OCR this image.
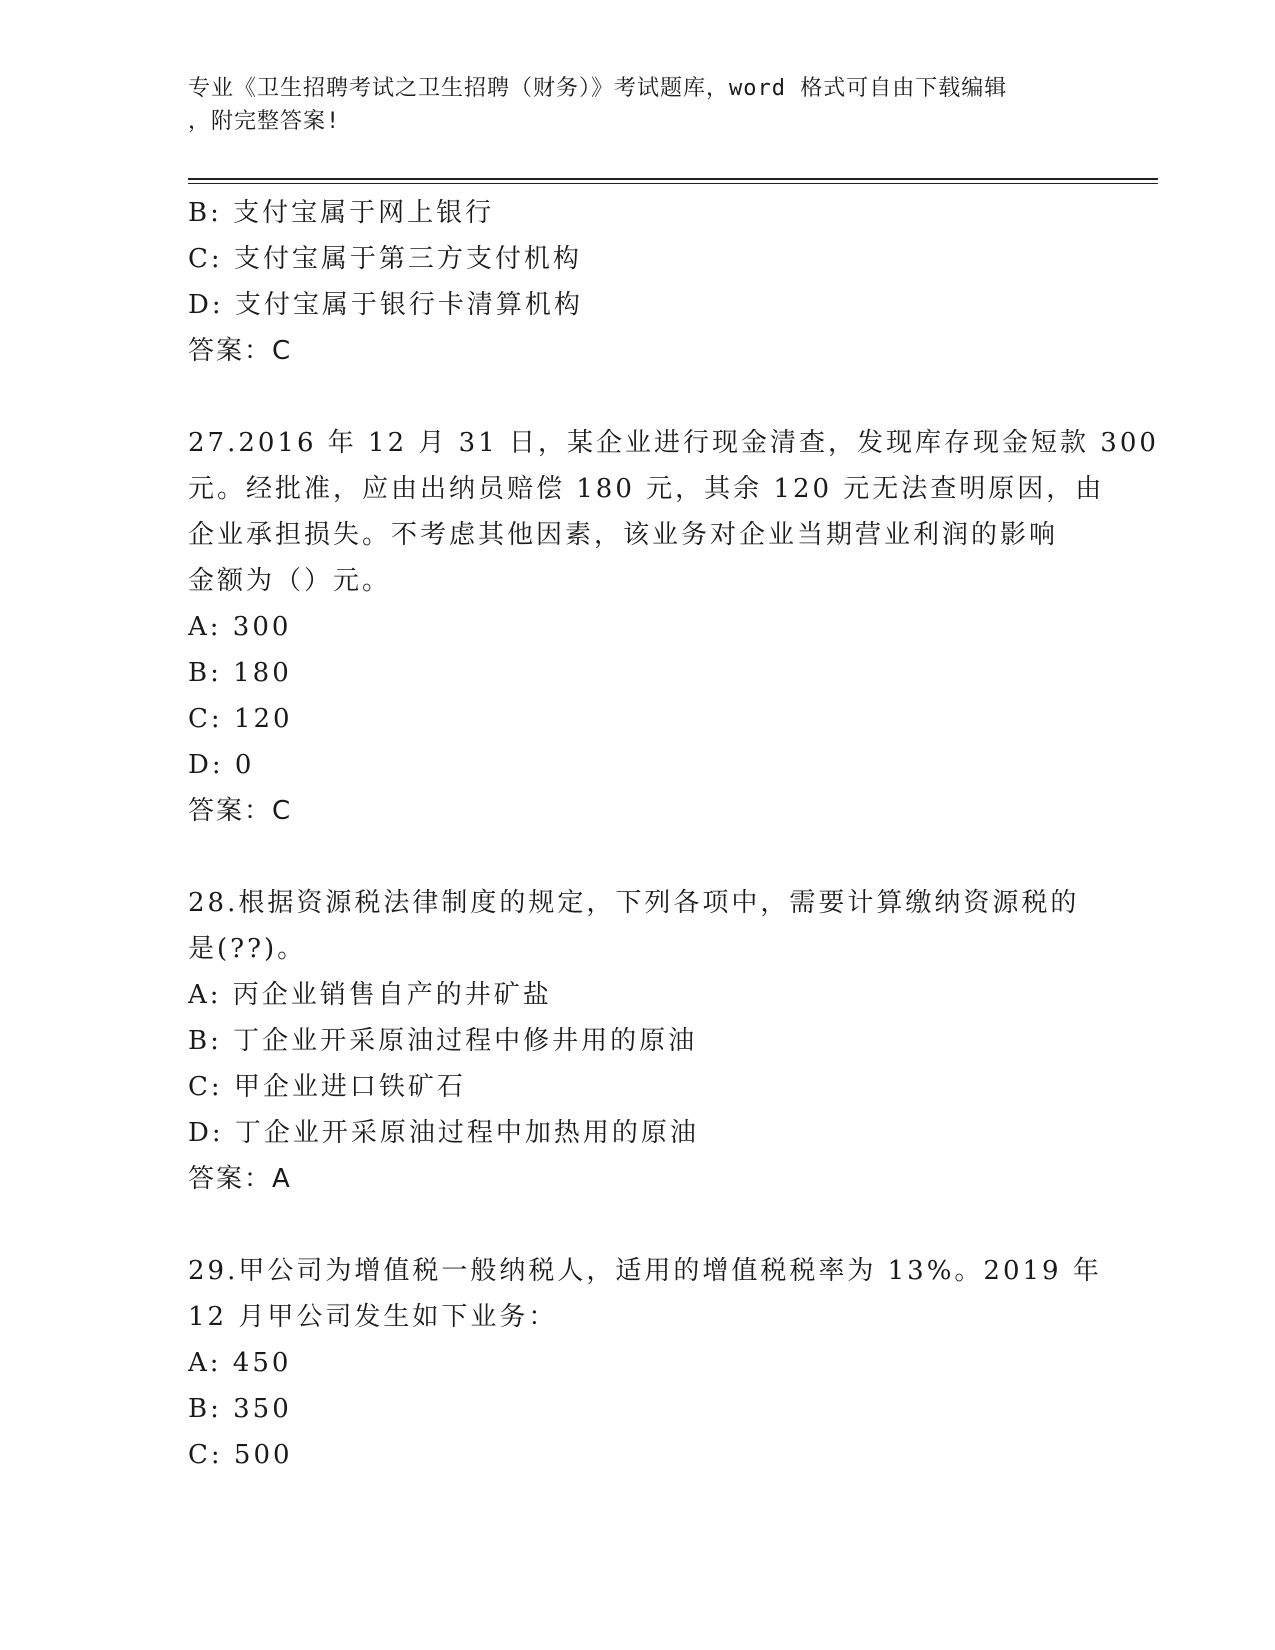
专业《卫生招聘考试之卫生招聘（财务）》考试题库，word 格式可自由下载编辑
，附完整答案!
B: 支付宝属于网上银行
C: 支付宝属于第三方支付机构
D: 支付宝属于银行卡清算机构
答案：C
27.2016 年 12 月 31 日，某企业进行现金清查，发现库存现金短款 300
元。经批准，应由出纳员赔偿 180 元，其余 120 元无法查明原因，由
企业承担损失。不考虑其他因素，该业务对企业当期营业利润的影响
金额为（）元。
A: 300
B: 180
C: 120
D: 0
答案：C
28.根据资源税法律制度的规定，下列各项中，需要计算缴纳资源税的
是(??)。
A: 丙企业销售自产的井矿盐
B: 丁企业开采原油过程中修井用的原油
C: 甲企业进口铁矿石
D: 丁企业开采原油过程中加热用的原油
答案：A
29.甲公司为增值税一般纳税人，适用的增值税税率为 13%。2019 年
12 月甲公司发生如下业务：
A: 450
B: 350
C: 500
